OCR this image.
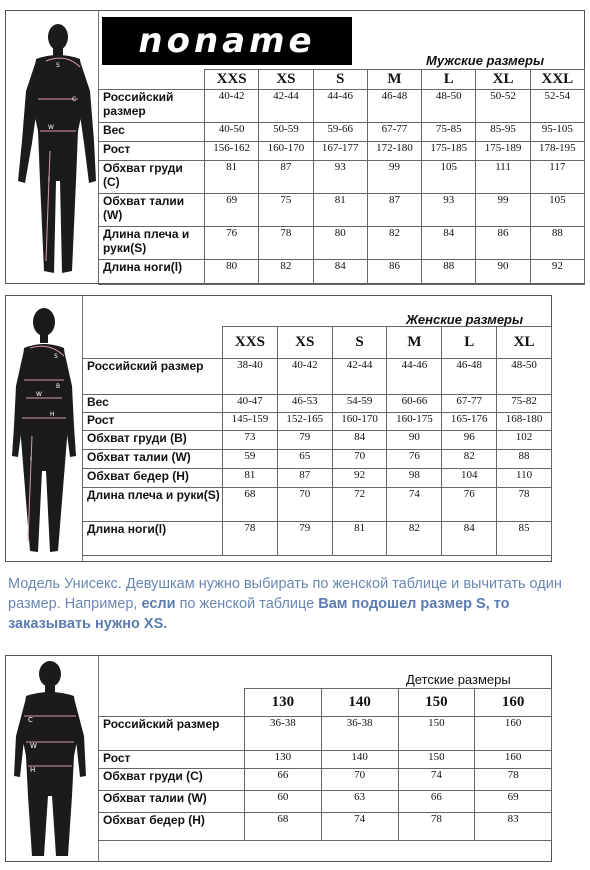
S
C
W
I
nonаme	Мужские размеры
	XXS	XS	S	M	L	XL	XXL
Российский размер	40-42	42-44	44-46	46-48	48-50	50-52	52-54
Вес	40-50	50-59	59-66	67-77	75-85	85-95	95-105
Рост	156-162	160-170	167-177	172-180	175-185	175-189	178-195
Обхват груди (С)	81	87	93	99	105	111	117
Обхват талии (W)	69	75	81	87	93	99	105
Длина плеча и руки(S)	76	78	80	82	84	86	88
Длина ноги(l)	80	82	84	86	88	90	92
S
B
W
H
I
Женские размеры
	XXS	XS	S	M	L	XL
Российский размер	38-40	40-42	42-44	44-46	46-48	48-50
Вес	40-47	46-53	54-59	60-66	67-77	75-82
Рост	145-159	152-165	160-170	160-175	165-176	168-180
Обхват груди (В)	73	79	84	90	96	102
Обхват талии (W)	59	65	70	76	82	88
Обхват бедер (H)	81	87	92	98	104	110
Длина плеча и руки(S)	68	70	72	74	76	78
Длина ноги(l)	78	79	81	82	84	85
Модель Унисекс. Девушкам нужно выбирать по женской таблице и вычитать один размер. Например, если по женской таблице Вам подошел размер S, то заказывать нужно XS.
C
W
H
Детские размеры
	130	140	150	160
Российский размер	36-38	36-38	150	160
Рост	130	140	150	160
Обхват груди (С)	66	70	74	78
Обхват талии (W)	60	63	66	69
Обхват бедер (Н)	68	74	78	83
